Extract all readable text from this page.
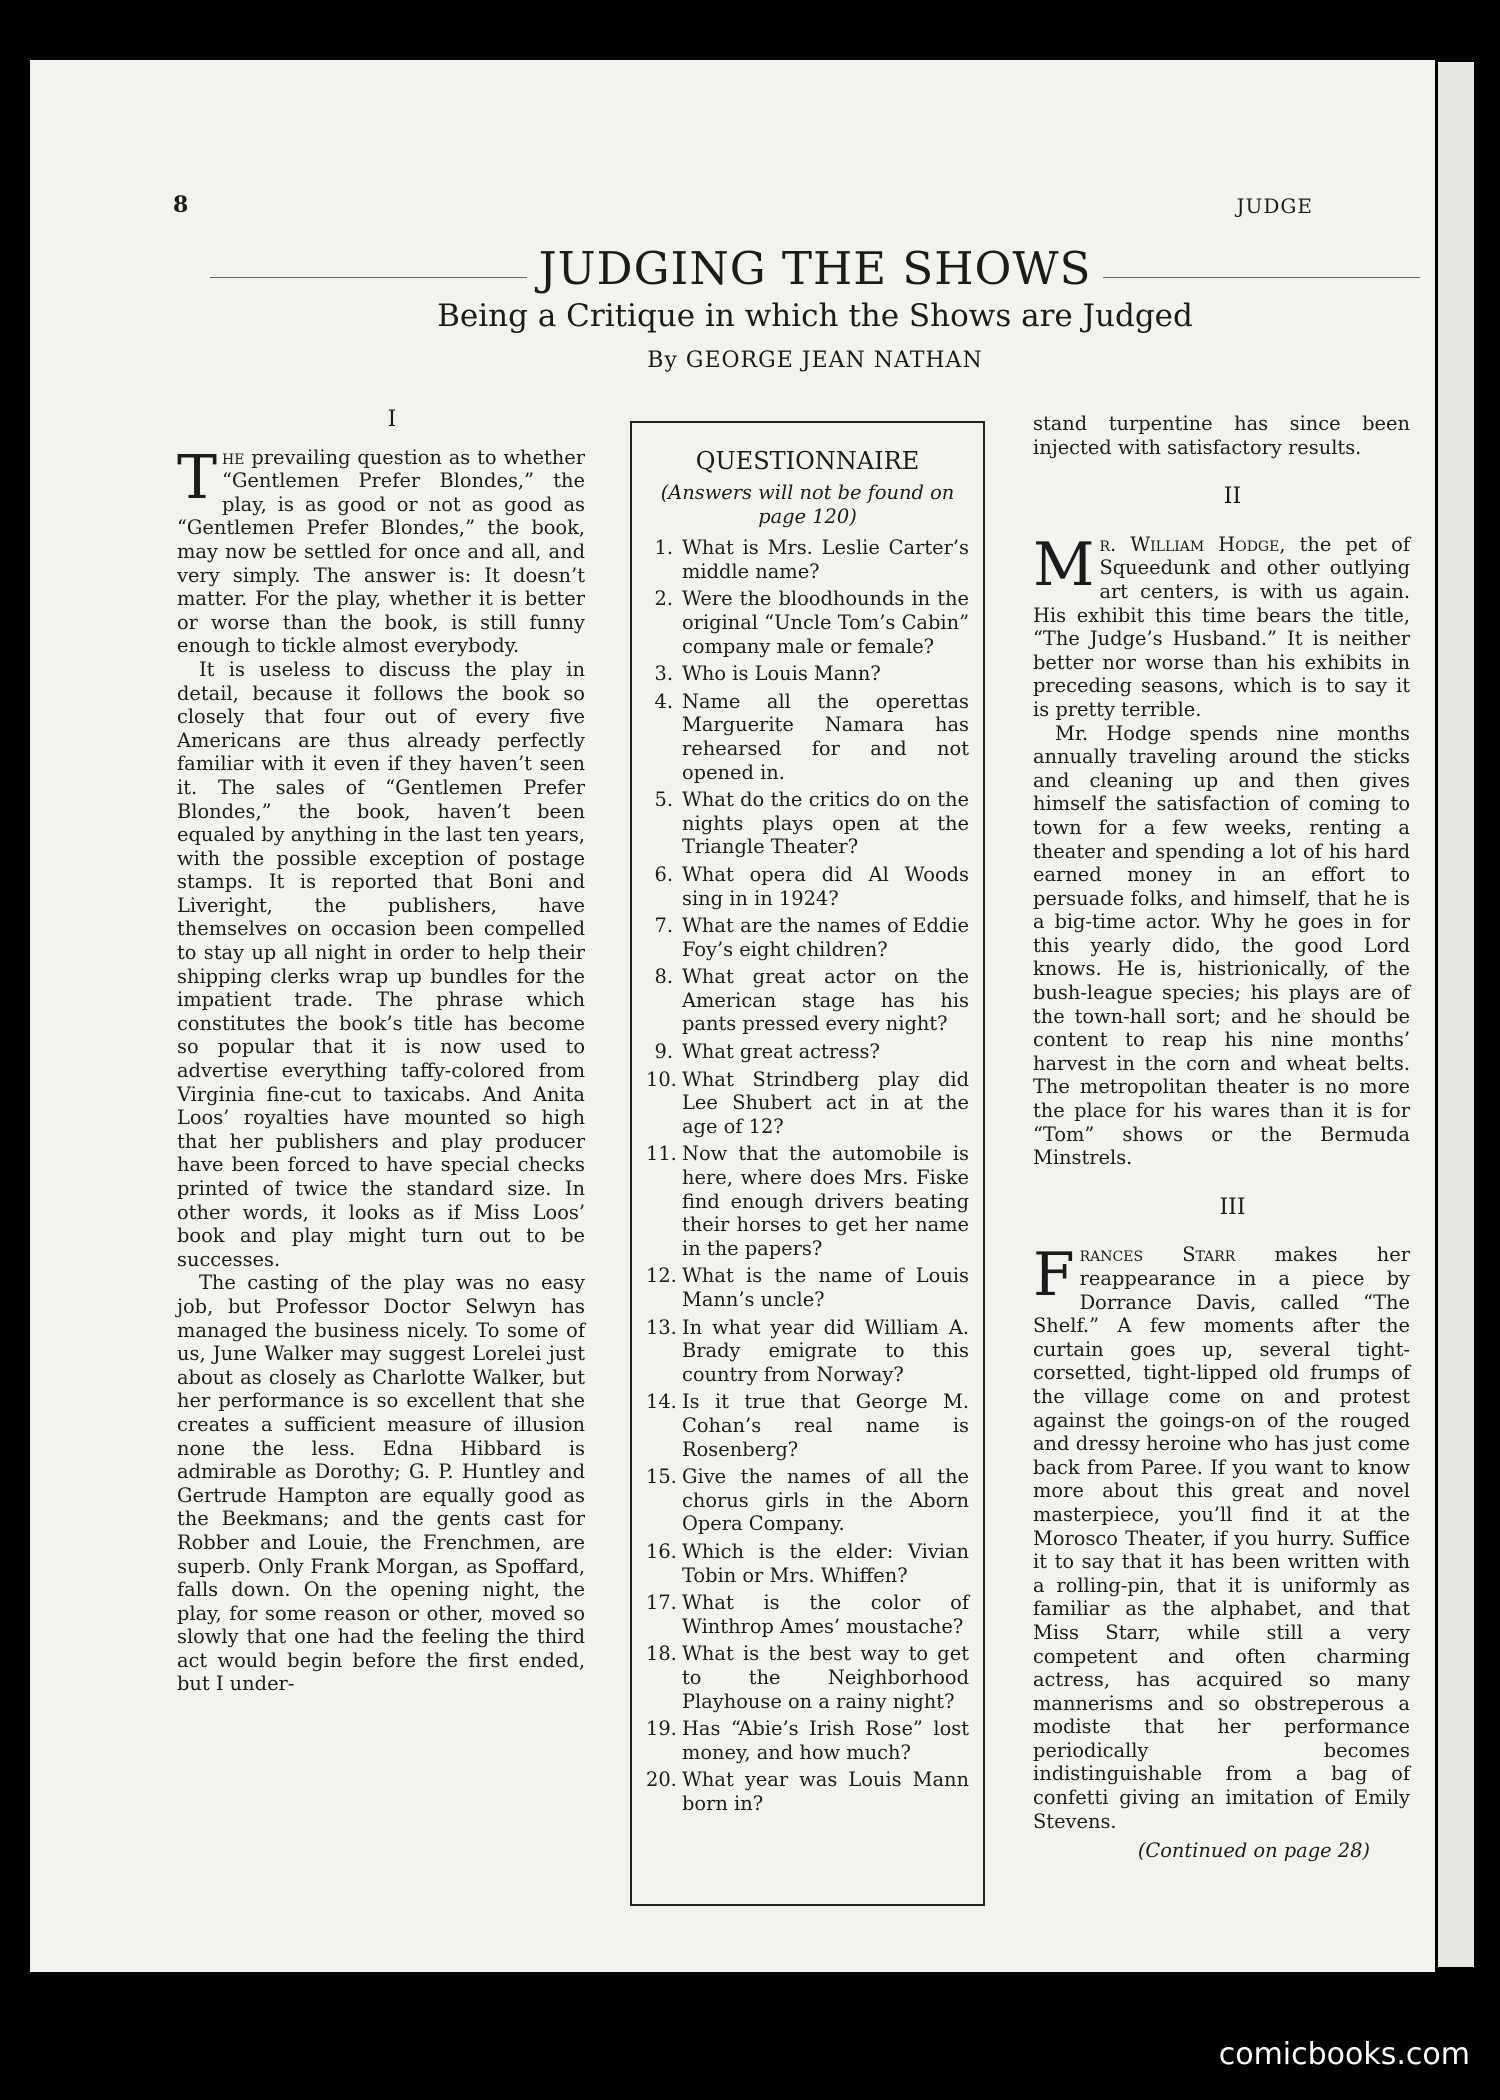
8	JUDGE
JUDGING THE SHOWS
Being a Critique in which the Shows are Judged
By GEORGE JEAN NATHAN

I

The prevailing question as to whether “Gentlemen Prefer Blondes,” the play, is as good or not as good as “Gentlemen Prefer Blondes,” the book, may now be settled for once and all, and very simply. The answer is: It doesn’t matter. For the play, whether it is better or worse than the book, is still funny enough to tickle almost everybody.

It is useless to discuss the play in detail, because it follows the book so closely that four out of every five Americans are thus already perfectly familiar with it even if they haven’t seen it. The sales of “Gentlemen Prefer Blondes,” the book, haven’t been equaled by anything in the last ten years, with the possible exception of postage stamps. It is reported that Boni and Liveright, the publishers, have themselves on occasion been compelled to stay up all night in order to help their shipping clerks wrap up bundles for the impatient trade. The phrase which constitutes the book’s title has become so popular that it is now used to advertise everything taffy-colored from Virginia fine-cut to taxicabs. And Anita Loos’ royalties have mounted so high that her publishers and play producer have been forced to have special checks printed of twice the standard size. In other words, it looks as if Miss Loos’ book and play might turn out to be successes.

The casting of the play was no easy job, but Professor Doctor Selwyn has managed the business nicely. To some of us, June Walker may suggest Lorelei just about as closely as Charlotte Walker, but her performance is so excellent that she creates a sufficient measure of illusion none the less. Edna Hibbard is admirable as Dorothy; G. P. Huntley and Gertrude Hampton are equally good as the Beekmans; and the gents cast for Robber and Louie, the Frenchmen, are superb. Only Frank Morgan, as Spoffard, falls down. On the opening night, the play, for some reason or other, moved so slowly that one had the feeling the third act would begin before the first ended, but I under-

QUESTIONNAIRE
(Answers will not be found on page 120)
1. What is Mrs. Leslie Carter’s middle name?
2. Were the bloodhounds in the original “Uncle Tom’s Cabin” company male or female?
3. Who is Louis Mann?
4. Name all the operettas Marguerite Namara has rehearsed for and not opened in.
5. What do the critics do on the nights plays open at the Triangle Theater?
6. What opera did Al Woods sing in in 1924?
7. What are the names of Eddie Foy’s eight children?
8. What great actor on the American stage has his pants pressed every night?
9. What great actress?
10. What Strindberg play did Lee Shubert act in at the age of 12?
11. Now that the automobile is here, where does Mrs. Fiske find enough drivers beating their horses to get her name in the papers?
12. What is the name of Louis Mann’s uncle?
13. In what year did William A. Brady emigrate to this country from Norway?
14. Is it true that George M. Cohan’s real name is Rosenberg?
15. Give the names of all the chorus girls in the Aborn Opera Company.
16. Which is the elder: Vivian Tobin or Mrs. Whiffen?
17. What is the color of Winthrop Ames’ moustache?
18. What is the best way to get to the Neighborhood Playhouse on a rainy night?
19. Has “Abie’s Irish Rose” lost money, and how much?
20. What year was Louis Mann born in?

stand turpentine has since been injected with satisfactory results.

II

Mr. William Hodge, the pet of Squeedunk and other outlying art centers, is with us again. His exhibit this time bears the title, “The Judge’s Husband.” It is neither better nor worse than his exhibits in preceding seasons, which is to say it is pretty terrible.

Mr. Hodge spends nine months annually traveling around the sticks and cleaning up and then gives himself the satisfaction of coming to town for a few weeks, renting a theater and spending a lot of his hard earned money in an effort to persuade folks, and himself, that he is a big-time actor. Why he goes in for this yearly dido, the good Lord knows. He is, histrionically, of the bush-league species; his plays are of the town-hall sort; and he should be content to reap his nine months’ harvest in the corn and wheat belts. The metropolitan theater is no more the place for his wares than it is for “Tom” shows or the Bermuda Minstrels.

III

Frances Starr makes her reappearance in a piece by Dorrance Davis, called “The Shelf.” A few moments after the curtain goes up, several tight-corsetted, tight-lipped old frumps of the village come on and protest against the goings-on of the rouged and dressy heroine who has just come back from Paree. If you want to know more about this great and novel masterpiece, you’ll find it at the Morosco Theater, if you hurry. Suffice it to say that it has been written with a rolling-pin, that it is uniformly as familiar as the alphabet, and that Miss Starr, while still a very competent and often charming actress, has acquired so many mannerisms and so obstreperous a modiste that her performance periodically becomes indistinguishable from a bag of confetti giving an imitation of Emily Stevens.

(Continued on page 28)

comicbooks.com
